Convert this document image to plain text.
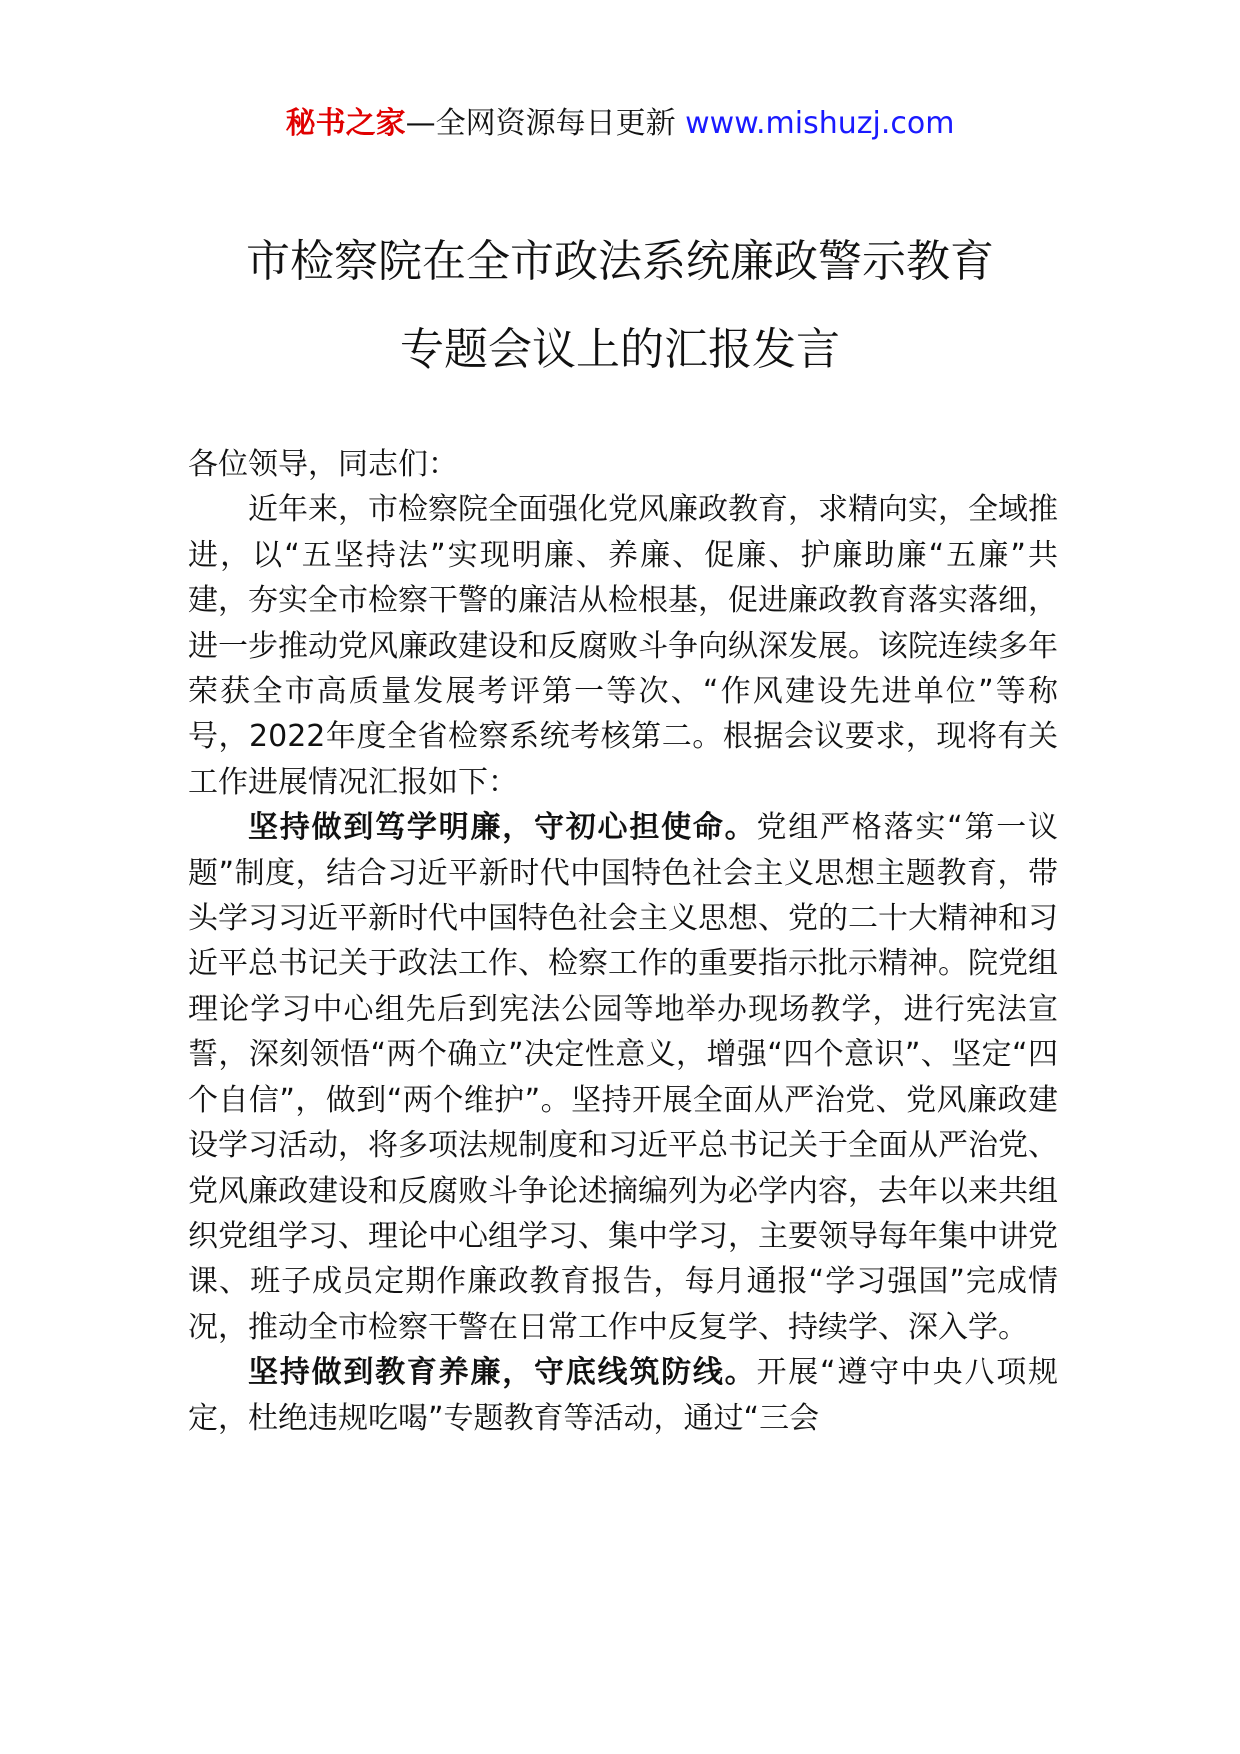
秘书之家—全网资源每日更新 www.mishuzj.com
市检察院在全市政法系统廉政警示教育
专题会议上的汇报发言

各位领导，同志们：

近年来，市检察院全面强化党风廉政教育，求精向实，全域推进，以“五坚持法”实现明廉、养廉、促廉、护廉助廉“五廉”共建，夯实全市检察干警的廉洁从检根基，促进廉政教育落实落细，进一步推动党风廉政建设和反腐败斗争向纵深发展。该院连续多年荣获全市高质量发展考评第一等次、“作风建设先进单位”等称号，2022年度全省检察系统考核第二。根据会议要求，现将有关工作进展情况汇报如下：

坚持做到笃学明廉，守初心担使命。党组严格落实“第一议题”制度，结合习近平新时代中国特色社会主义思想主题教育，带头学习习近平新时代中国特色社会主义思想、党的二十大精神和习近平总书记关于政法工作、检察工作的重要指示批示精神。院党组理论学习中心组先后到宪法公园等地举办现场教学，进行宪法宣誓，深刻领悟“两个确立”决定性意义，增强“四个意识”、坚定“四个自信”，做到“两个维护”。坚持开展全面从严治党、党风廉政建设学习活动，将多项法规制度和习近平总书记关于全面从严治党、党风廉政建设和反腐败斗争论述摘编列为必学内容，去年以来共组织党组学习、理论中心组学习、集中学习，主要领导每年集中讲党课、班子成员定期作廉政教育报告，每月通报“学习强国”完成情况，推动全市检察干警在日常工作中反复学、持续学、深入学。

坚持做到教育养廉，守底线筑防线。开展“遵守中央八项规定，杜绝违规吃喝”专题教育等活动，通过“三会
